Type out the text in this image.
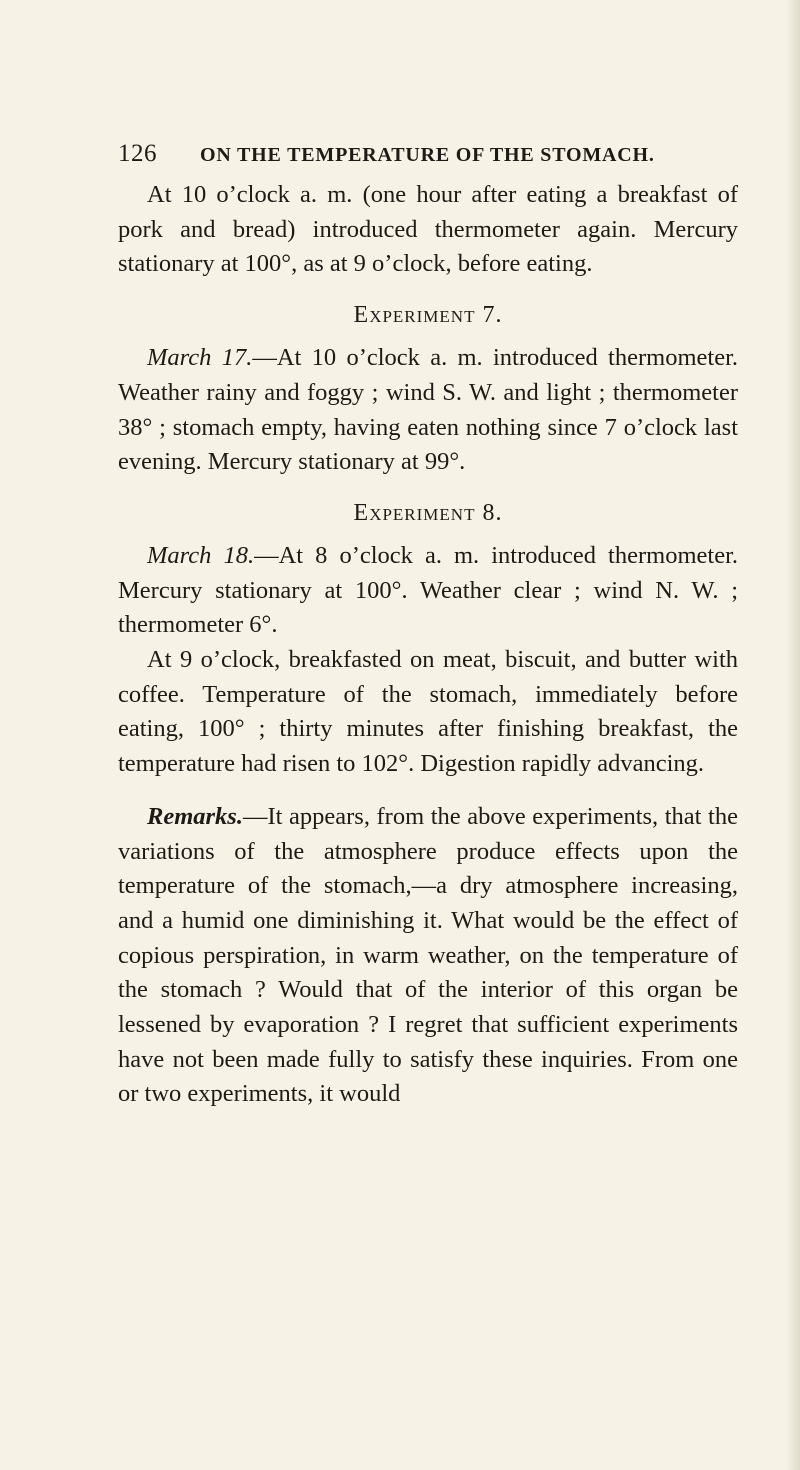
126 ON THE TEMPERATURE OF THE STOMACH.

At 10 o’clock a. m. (one hour after eating a breakfast of pork and bread) introduced thermometer again. Mercury stationary at 100°, as at 9 o’clock, before eating.

Experiment 7.

March 17.—At 10 o’clock a. m. introduced thermometer. Weather rainy and foggy ; wind S. W. and light ; thermometer 38° ; stomach empty, having eaten nothing since 7 o’clock last evening. Mercury stationary at 99°.

Experiment 8.

March 18.—At 8 o’clock a. m. introduced thermometer. Mercury stationary at 100°. Weather clear ; wind N. W. ; thermometer 6°.

At 9 o’clock, breakfasted on meat, biscuit, and butter with coffee. Temperature of the stomach, immediately before eating, 100° ; thirty minutes after finishing breakfast, the temperature had risen to 102°. Digestion rapidly advancing.

Remarks.—It appears, from the above experiments, that the variations of the atmosphere produce effects upon the temperature of the stomach,—a dry atmosphere increasing, and a humid one diminishing it. What would be the effect of copious perspiration, in warm weather, on the temperature of the stomach ? Would that of the interior of this organ be lessened by evaporation ? I regret that sufficient experiments have not been made fully to satisfy these inquiries. From one or two experiments, it would
